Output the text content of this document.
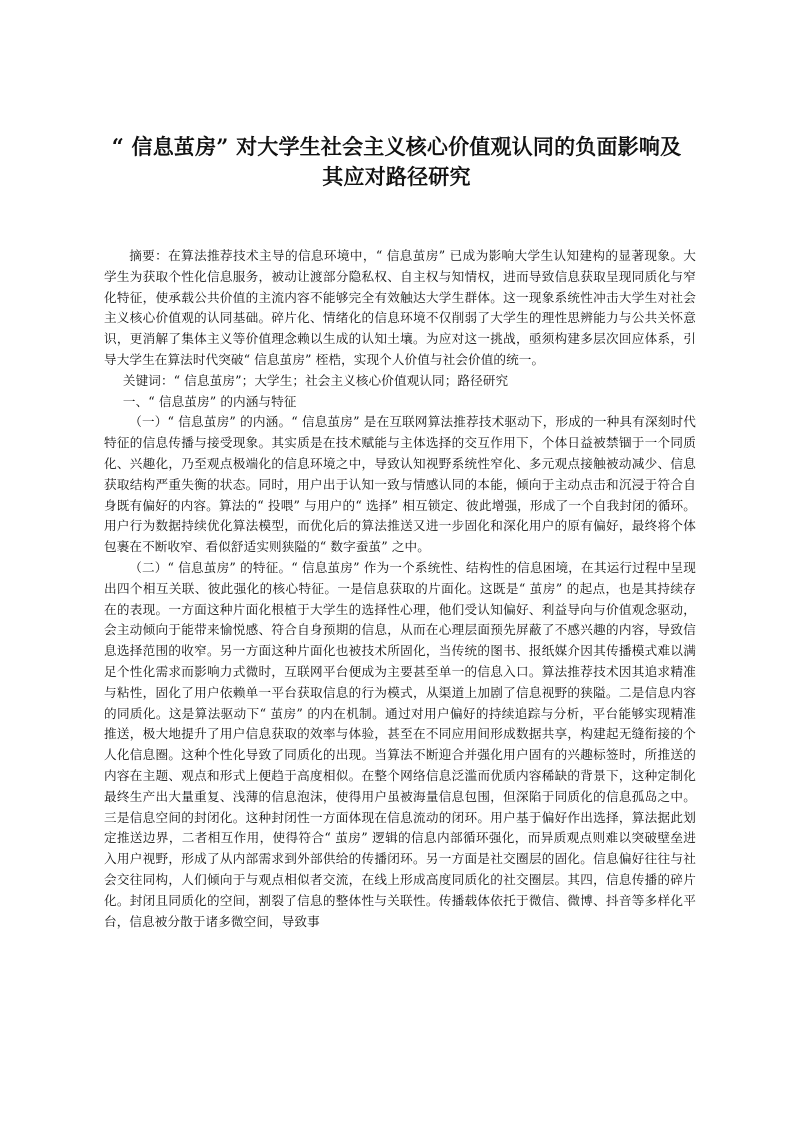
“ 信息茧房” 对大学生社会主义核心价值观认同的负面影响及
其应对路径研究

摘要：在算法推荐技术主导的信息环境中，“ 信息茧房” 已成为影响大学生认知建构的显著现象。大学生为获取个性化信息服务，被动让渡部分隐私权、自主权与知情权，进而导致信息获取呈现同质化与窄化特征，使承载公共价值的主流内容不能够完全有效触达大学生群体。这一现象系统性冲击大学生对社会主义核心价值观的认同基础。碎片化、情绪化的信息环境不仅削弱了大学生的理性思辨能力与公共关怀意识，更消解了集体主义等价值理念赖以生成的认知土壤。为应对这一挑战，亟须构建多层次回应体系，引导大学生在算法时代突破“ 信息茧房” 桎梏，实现个人价值与社会价值的统一。

关键词：“ 信息茧房”；大学生；社会主义核心价值观认同；路径研究

一、“ 信息茧房” 的内涵与特征

（一）“ 信息茧房” 的内涵。“ 信息茧房” 是在互联网算法推荐技术驱动下，形成的一种具有深刻时代特征的信息传播与接受现象。其实质是在技术赋能与主体选择的交互作用下，个体日益被禁锢于一个同质化、兴趣化，乃至观点极端化的信息环境之中，导致认知视野系统性窄化、多元观点接触被动减少、信息获取结构严重失衡的状态。同时，用户出于认知一致与情感认同的本能，倾向于主动点击和沉浸于符合自身既有偏好的内容。算法的“ 投喂” 与用户的“ 选择” 相互锁定、彼此增强，形成了一个自我封闭的循环。用户行为数据持续优化算法模型，而优化后的算法推送又进一步固化和深化用户的原有偏好，最终将个体包裹在不断收窄、看似舒适实则狭隘的“ 数字蚕茧” 之中。

（二）“ 信息茧房” 的特征。“ 信息茧房” 作为一个系统性、结构性的信息困境，在其运行过程中呈现出四个相互关联、彼此强化的核心特征。一是信息获取的片面化。这既是“ 茧房” 的起点，也是其持续存在的表现。一方面这种片面化根植于大学生的选择性心理，他们受认知偏好、利益导向与价值观念驱动，会主动倾向于能带来愉悦感、符合自身预期的信息，从而在心理层面预先屏蔽了不感兴趣的内容，导致信息选择范围的收窄。另一方面这种片面化也被技术所固化，当传统的图书、报纸媒介因其传播模式难以满足个性化需求而影响力式微时，互联网平台便成为主要甚至单一的信息入口。算法推荐技术因其追求精准与粘性，固化了用户依赖单一平台获取信息的行为模式，从渠道上加剧了信息视野的狭隘。二是信息内容的同质化。这是算法驱动下“ 茧房” 的内在机制。通过对用户偏好的持续追踪与分析，平台能够实现精准推送，极大地提升了用户信息获取的效率与体验，甚至在不同应用间形成数据共享，构建起无缝衔接的个人化信息圈。这种个性化导致了同质化的出现。当算法不断迎合并强化用户固有的兴趣标签时，所推送的内容在主题、观点和形式上便趋于高度相似。在整个网络信息泛滥而优质内容稀缺的背景下，这种定制化最终生产出大量重复、浅薄的信息泡沫，使得用户虽被海量信息包围，但深陷于同质化的信息孤岛之中。三是信息空间的封闭化。这种封闭性一方面体现在信息流动的闭环。用户基于偏好作出选择，算法据此划定推送边界，二者相互作用，使得符合“ 茧房” 逻辑的信息内部循环强化，而异质观点则难以突破壁垒进入用户视野，形成了从内部需求到外部供给的传播闭环。另一方面是社交圈层的固化。信息偏好往往与社会交往同构，人们倾向于与观点相似者交流，在线上形成高度同质化的社交圈层。其四，信息传播的碎片化。封闭且同质化的空间，割裂了信息的整体性与关联性。传播载体依托于微信、微博、抖音等多样化平台，信息被分散于诸多微空间，导致事
